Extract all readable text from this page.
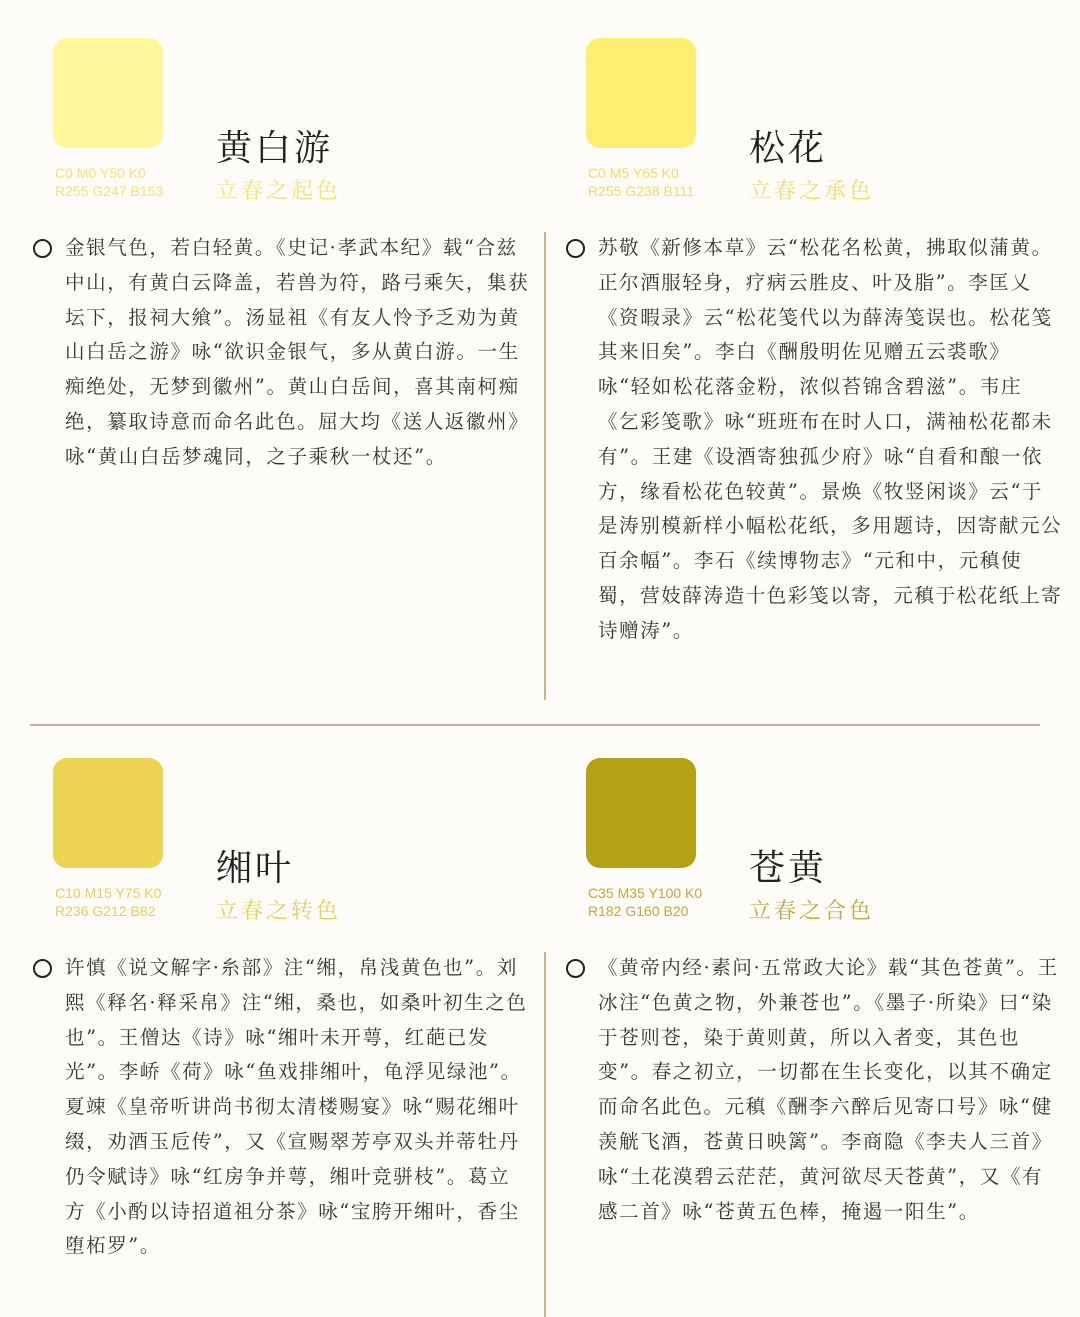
黄白游
C0 M0 Y50 K0
R255 G247 B153 立春之起色
金银气色，若白轻黄。《史记·孝武本纪》载“合兹中山，有黄白云降盖，若兽为符，路弓乘矢，集获坛下，报祠大飨”。汤显祖《有友人怜予乏劝为黄山白岳之游》咏“欲识金银气，多从黄白游。一生痴绝处，无梦到徽州”。黄山白岳间，喜其南柯痴绝，纂取诗意而命名此色。屈大均《送人返徽州》咏“黄山白岳梦魂同，之子乘秋一杖还”。
松花
C0 M5 Y65 K0
R255 G238 B111 立春之承色
苏敬《新修本草》云“松花名松黄，拂取似蒲黄。正尔酒服轻身，疗病云胜皮、叶及脂”。李匡乂《资暇录》云“松花笺代以为薛涛笺误也。松花笺其来旧矣”。李白《酬殷明佐见赠五云裘歌》咏“轻如松花落金粉，浓似苔锦含碧滋”。韦庄《乞彩笺歌》咏“班班布在时人口，满袖松花都未有”。王建《设酒寄独孤少府》咏“自看和酿一依方，缘看松花色较黄”。景焕《牧竖闲谈》云“于是涛别模新样小幅松花纸，多用题诗，因寄献元公百余幅”。李石《续博物志》“元和中，元稹使蜀，营妓薛涛造十色彩笺以寄，元稹于松花纸上寄诗赠涛”。
缃叶
C10 M15 Y75 K0
R236 G212 B82	立春之转色
许慎《说文解字·糸部》注“缃，帛浅黄色也”。刘熙《释名·释采帛》注“缃，桑也，如桑叶初生之色也”。王僧达《诗》咏“缃叶未开萼，红葩已发光”。李峤《荷》咏“鱼戏排缃叶，龟浮见绿池”。夏竦《皇帝听讲尚书彻太清楼赐宴》咏“赐花缃叶缀，劝酒玉卮传”，又《宣赐翠芳亭双头并蒂牡丹仍令赋诗》咏“红房争并萼，缃叶竞骈枝”。葛立方《小酌以诗招道祖分茶》咏“宝胯开缃叶，香尘堕柘罗”。
苍黄
C35 M35 Y100 K0
R182 G160 B20	立春之合色
《黄帝内经·素问·五常政大论》载“其色苍黄”。王冰注“色黄之物，外兼苍也”。《墨子·所染》曰“染于苍则苍，染于黄则黄，所以入者变，其色也变”。春之初立，一切都在生长变化，以其不确定而命名此色。元稹《酬李六醉后见寄口号》咏“健羡觥飞酒，苍黄日映篱”。李商隐《李夫人三首》咏“土花漠碧云茫茫，黄河欲尽天苍黄”，又《有感二首》咏“苍黄五色棒，掩遏一阳生”。
